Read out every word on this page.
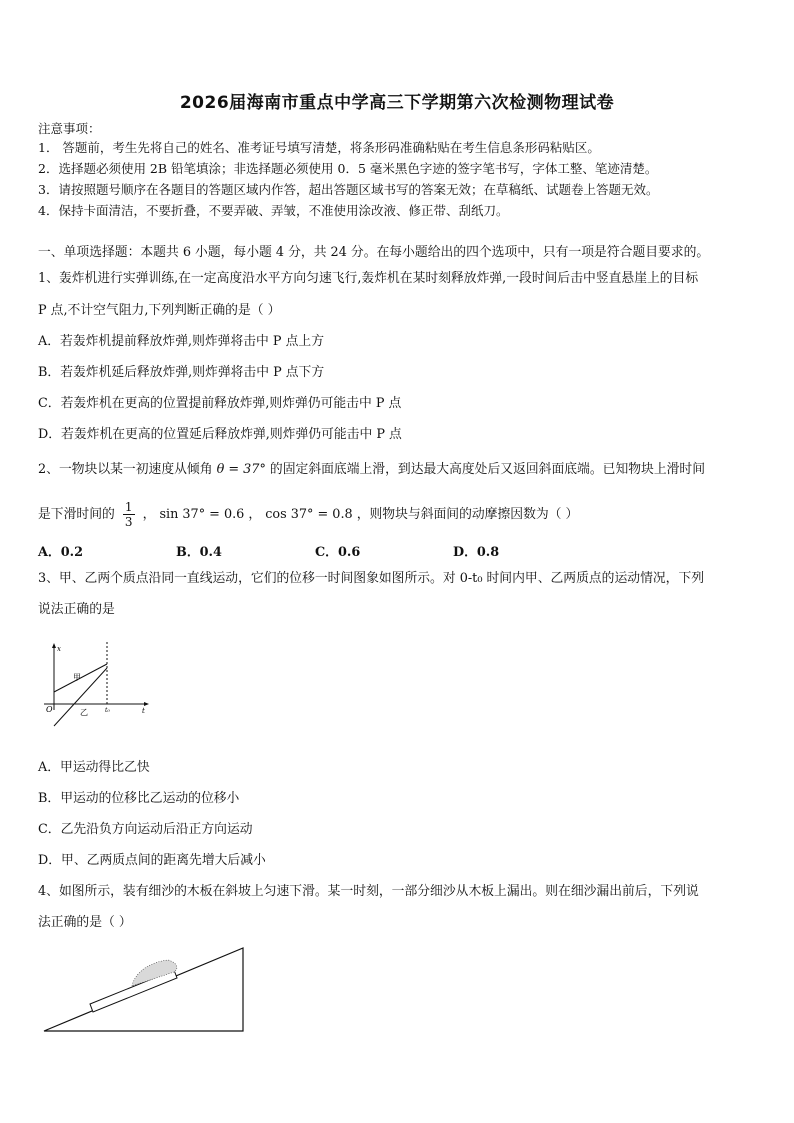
2026届海南市重点中学高三下学期第六次检测物理试卷
注意事项：
1． 答题前，考生先将自己的姓名、准考证号填写清楚，将条形码准确粘贴在考生信息条形码粘贴区。
2．选择题必须使用 2B 铅笔填涂；非选择题必须使用 0．5 毫米黑色字迹的签字笔书写，字体工整、笔迹清楚。
3．请按照题号顺序在各题目的答题区域内作答，超出答题区域书写的答案无效；在草稿纸、试题卷上答题无效。
4．保持卡面清洁，不要折叠，不要弄破、弄皱，不准使用涂改液、修正带、刮纸刀。
一、单项选择题：本题共 6 小题，每小题 4 分，共 24 分。在每小题给出的四个选项中，只有一项是符合题目要求的。
1、轰炸机进行实弹训练,在一定高度沿水平方向匀速飞行,轰炸机在某时刻释放炸弹,一段时间后击中竖直悬崖上的目标
P 点,不计空气阻力,下列判断正确的是（ ）
A．若轰炸机提前释放炸弹,则炸弹将击中 P 点上方
B．若轰炸机延后释放炸弹,则炸弹将击中 P 点下方
C．若轰炸机在更高的位置提前释放炸弹,则炸弹仍可能击中 P 点
D．若轰炸机在更高的位置延后释放炸弹,则炸弹仍可能击中 P 点
2、一物块以某一初速度从倾角 θ = 37° 的固定斜面底端上滑，到达最大高度处后又返回斜面底端。已知物块上滑时间
是下滑时间的 $\frac{1}{3}$ ， sin 37° = 0.6 ， cos 37° = 0.8 ，则物块与斜面间的动摩擦因数为（ ）
A．0.2	B．0.4	C．0.6	D．0.8
3、甲、乙两个质点沿同一直线运动，它们的位移一时间图象如图所示。对 0-t₀ 时间内甲、乙两质点的运动情况，下列
说法正确的是
x
t
O
甲
乙	t₀
A．甲运动得比乙快
B．甲运动的位移比乙运动的位移小
C．乙先沿负方向运动后沿正方向运动
D．甲、乙两质点间的距离先增大后减小
4、如图所示，装有细沙的木板在斜坡上匀速下滑。某一时刻，一部分细沙从木板上漏出。则在细沙漏出前后，下列说
法正确的是（ ）
